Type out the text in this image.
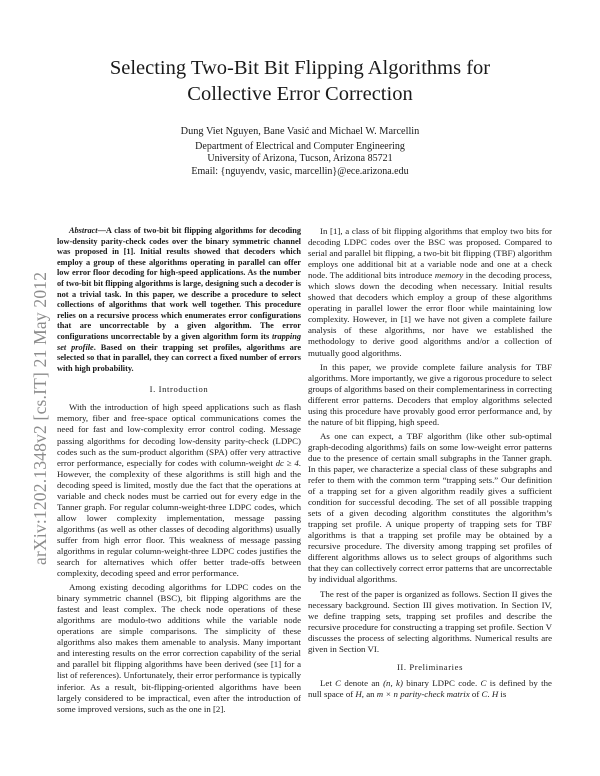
Selecting Two-Bit Bit Flipping Algorithms for
Collective Error Correction
Dung Viet Nguyen, Bane Vasić and Michael W. Marcellin
Department of Electrical and Computer Engineering
University of Arizona, Tucson, Arizona 85721
Email: {nguyendv, vasic, marcellin}@ece.arizona.edu
arXiv:1202.1348v2 [cs.IT] 21 May 2012

Abstract—A class of two-bit bit flipping algorithms for decoding low-density parity-check codes over the binary symmetric channel was proposed in [1]. Initial results showed that decoders which employ a group of these algorithms operating in parallel can offer low error floor decoding for high-speed applications. As the number of two-bit bit flipping algorithms is large, designing such a decoder is not a trivial task. In this paper, we describe a procedure to select collections of algorithms that work well together. This procedure relies on a recursive process which enumerates error configurations that are uncorrectable by a given algorithm. The error configurations uncorrectable by a given algorithm form its trapping set profile. Based on their trapping set profiles, algorithms are selected so that in parallel, they can correct a fixed number of errors with high probability.

I. Introduction

With the introduction of high speed applications such as flash memory, fiber and free-space optical communications comes the need for fast and low-complexity error control coding. Message passing algorithms for decoding low-density parity-check (LDPC) codes such as the sum-product algorithm (SPA) offer very attractive error performance, especially for codes with column-weight dc ≥ 4. However, the complexity of these algorithms is still high and the decoding speed is limited, mostly due the fact that the operations at variable and check nodes must be carried out for every edge in the Tanner graph. For regular column-weight-three LDPC codes, which allow lower complexity implementation, message passing algorithms (as well as other classes of decoding algorithms) usually suffer from high error floor. This weakness of message passing algorithms in regular column-weight-three LDPC codes justifies the search for alternatives which offer better trade-offs between complexity, decoding speed and error performance.

Among existing decoding algorithms for LDPC codes on the binary symmetric channel (BSC), bit flipping algorithms are the fastest and least complex. The check node operations of these algorithms are modulo-two additions while the variable node operations are simple comparisons. The simplicity of these algorithms also makes them amenable to analysis. Many important and interesting results on the error correction capability of the serial and parallel bit flipping algorithms have been derived (see [1] for a list of references). Unfortunately, their error performance is typically inferior. As a result, bit-flipping-oriented algorithms have been largely considered to be impractical, even after the introduction of some improved versions, such as the one in [2].

In [1], a class of bit flipping algorithms that employ two bits for decoding LDPC codes over the BSC was proposed. Compared to serial and parallel bit flipping, a two-bit bit flipping (TBF) algorithm employs one additional bit at a variable node and one at a check node. The additional bits introduce memory in the decoding process, which slows down the decoding when necessary. Initial results showed that decoders which employ a group of these algorithms operating in parallel lower the error floor while maintaining low complexity. However, in [1] we have not given a complete failure analysis of these algorithms, nor have we established the methodology to derive good algorithms and/or a collection of mutually good algorithms.

In this paper, we provide complete failure analysis for TBF algorithms. More importantly, we give a rigorous procedure to select groups of algorithms based on their complementariness in correcting different error patterns. Decoders that employ algorithms selected using this procedure have provably good error performance and, by the nature of bit flipping, high speed.

As one can expect, a TBF algorithm (like other sub-optimal graph-decoding algorithms) fails on some low-weight error patterns due to the presence of certain small subgraphs in the Tanner graph. In this paper, we characterize a special class of these subgraphs and refer to them with the common term “trapping sets.” Our definition of a trapping set for a given algorithm readily gives a sufficient condition for successful decoding. The set of all possible trapping sets of a given decoding algorithm constitutes the algorithm’s trapping set profile. A unique property of trapping sets for TBF algorithms is that a trapping set profile may be obtained by a recursive procedure. The diversity among trapping set profiles of different algorithms allows us to select groups of algorithms such that they can collectively correct error patterns that are uncorrectable by individual algorithms.

The rest of the paper is organized as follows. Section II gives the necessary background. Section III gives motivation. In Section IV, we define trapping sets, trapping set profiles and describe the recursive procedure for constructing a trapping set profile. Section V discusses the process of selecting algorithms. Numerical results are given in Section VI.

II. Preliminaries

Let C denote an (n, k) binary LDPC code. C is defined by the null space of H, an m × n parity-check matrix of C. H is
